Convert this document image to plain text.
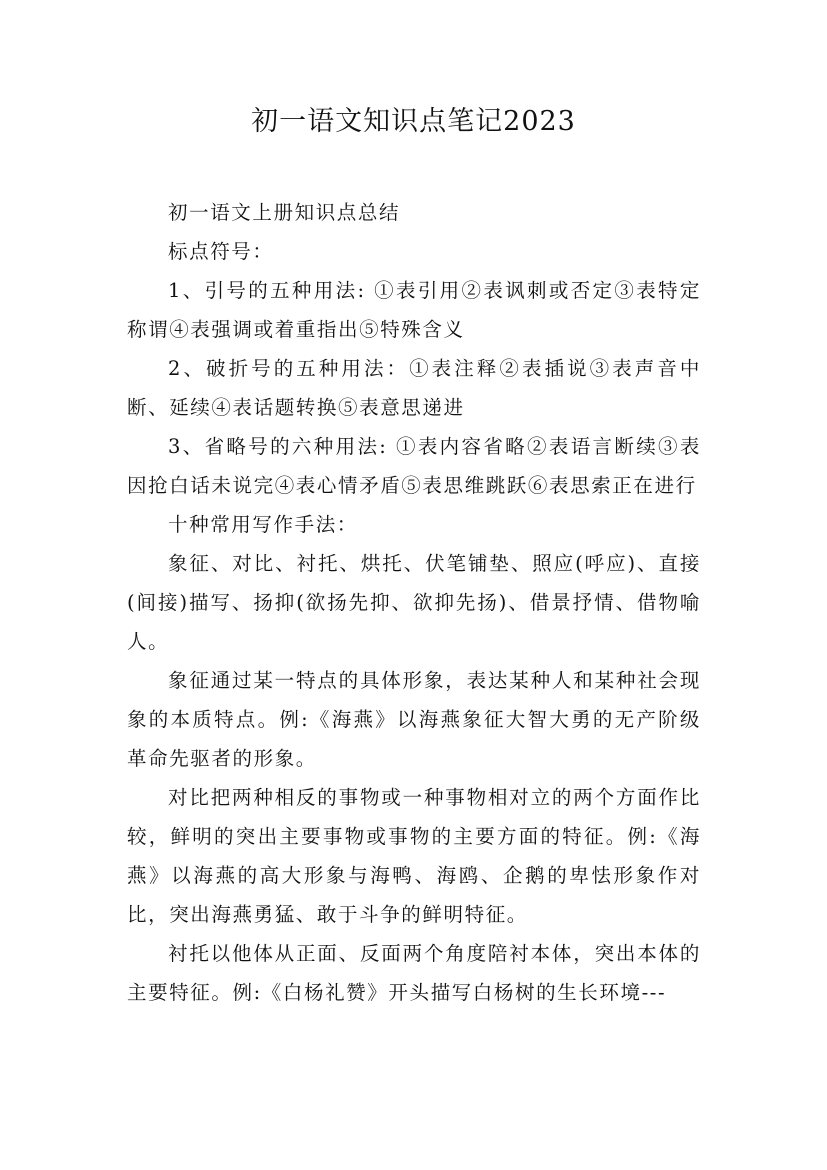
初一语文知识点笔记2023

初一语文上册知识点总结

标点符号：

1、引号的五种用法: ①表引用②表讽刺或否定③表特定称谓④表强调或着重指出⑤特殊含义

2、破折号的五种用法：①表注释②表插说③表声音中断、延续④表话题转换⑤表意思递进

3、省略号的六种用法: ①表内容省略②表语言断续③表因抢白话未说完④表心情矛盾⑤表思维跳跃⑥表思索正在进行

十种常用写作手法：

象征、对比、衬托、烘托、伏笔铺垫、照应(呼应)、直接(间接)描写、扬抑(欲扬先抑、欲抑先扬)、借景抒情、借物喻人。

象征通过某一特点的具体形象，表达某种人和某种社会现象的本质特点。例:《海燕》以海燕象征大智大勇的无产阶级革命先驱者的形象。

对比把两种相反的事物或一种事物相对立的两个方面作比较，鲜明的突出主要事物或事物的主要方面的特征。例:《海燕》以海燕的高大形象与海鸭、海鸥、企鹅的卑怯形象作对比，突出海燕勇猛、敢于斗争的鲜明特征。

衬托以他体从正面、反面两个角度陪衬本体，突出本体的主要特征。例:《白杨礼赞》开头描写白杨树的生长环境---
